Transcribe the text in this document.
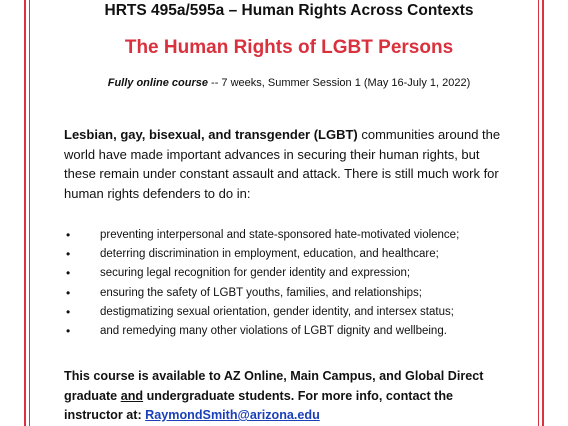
HRTS 495a/595a – Human Rights Across Contexts
The Human Rights of LGBT Persons
Fully online course -- 7 weeks, Summer Session 1 (May 16-July 1, 2022)
Lesbian, gay, bisexual, and transgender (LGBT) communities around the world have made important advances in securing their human rights, but these remain under constant assault and attack. There is still much work for human rights defenders to do in:
•	preventing interpersonal and state-sponsored hate-motivated violence;
•	deterring discrimination in employment, education, and healthcare;
•	securing legal recognition for gender identity and expression;
•	ensuring the safety of LGBT youths, families, and relationships;
•	destigmatizing sexual orientation, gender identity, and intersex status;
•	and remedying many other violations of LGBT dignity and wellbeing.
This course is available to AZ Online, Main Campus, and Global Direct graduate and undergraduate students. For more info, contact the instructor at: RaymondSmith@arizona.edu
